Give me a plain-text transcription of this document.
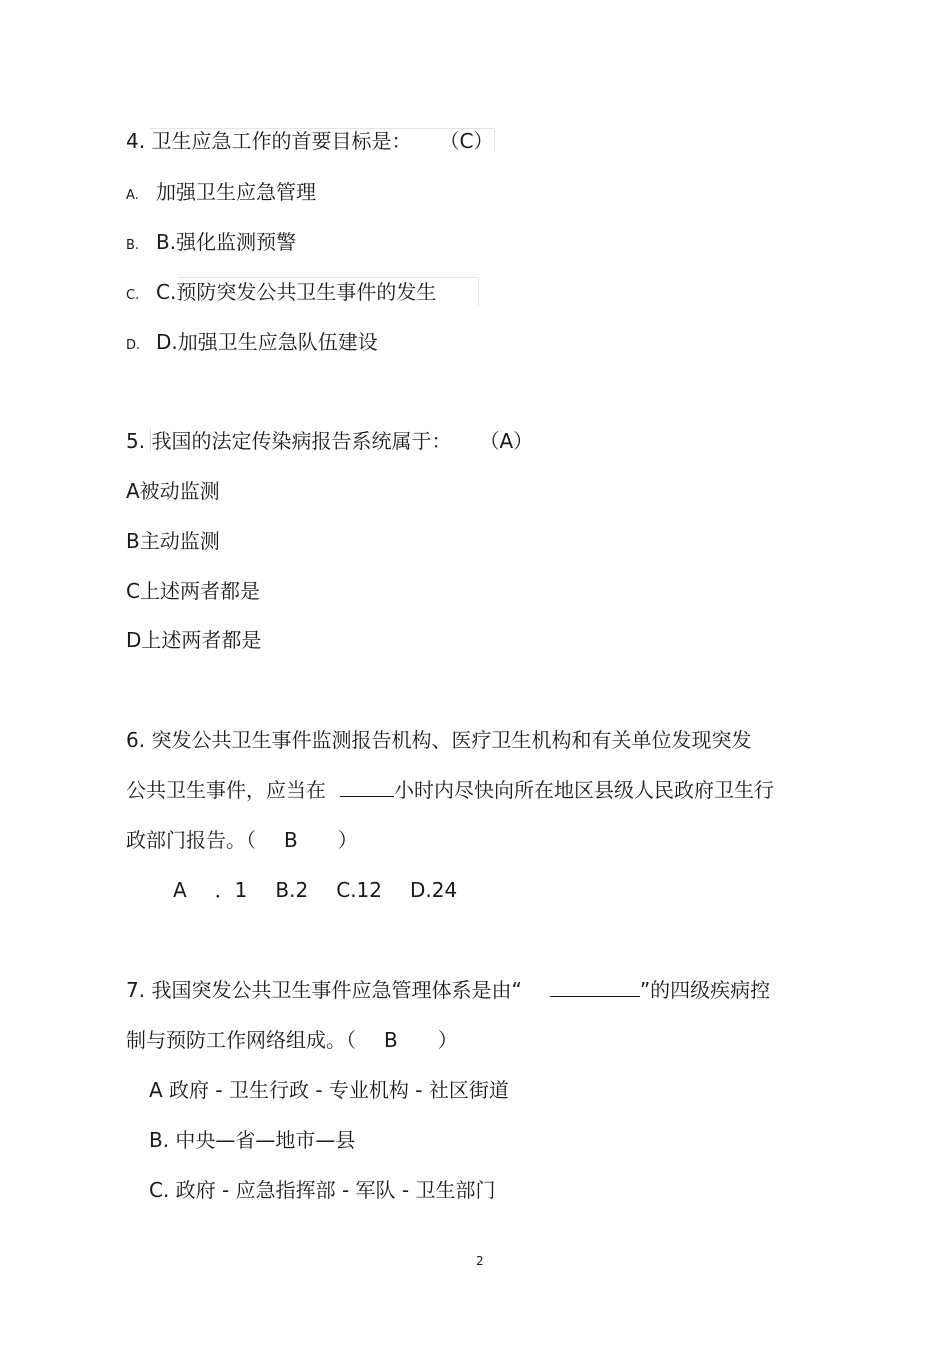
4. 卫生应急工作的首要目标是： （C）
A. 加强卫生应急管理
B. B.强化监测预警
C. C.预防突发公共卫生事件的发生
D. D.加强卫生应急队伍建设
5. 我国的法定传染病报告系统属于： （A）
A被动监测
B主动监测
C上述两者都是
D上述两者都是
6. 突发公共卫生事件监测报告机构、医疗卫生机构和有关单位发现突发
公共卫生事件，应当在	小时内尽快向所在地区县级人民政府卫生行
政部门报告。（ B ）
A ．1 B.2 C.12 D.24
7. 我国突发公共卫生事件应急管理体系是由“	”的四级疾病控
制与预防工作网络组成。（ B ）
A 政府 - 卫生行政 - 专业机构 - 社区街道
B. 中央—省—地市—县
C. 政府 - 应急指挥部 - 军队 - 卫生部门
2
